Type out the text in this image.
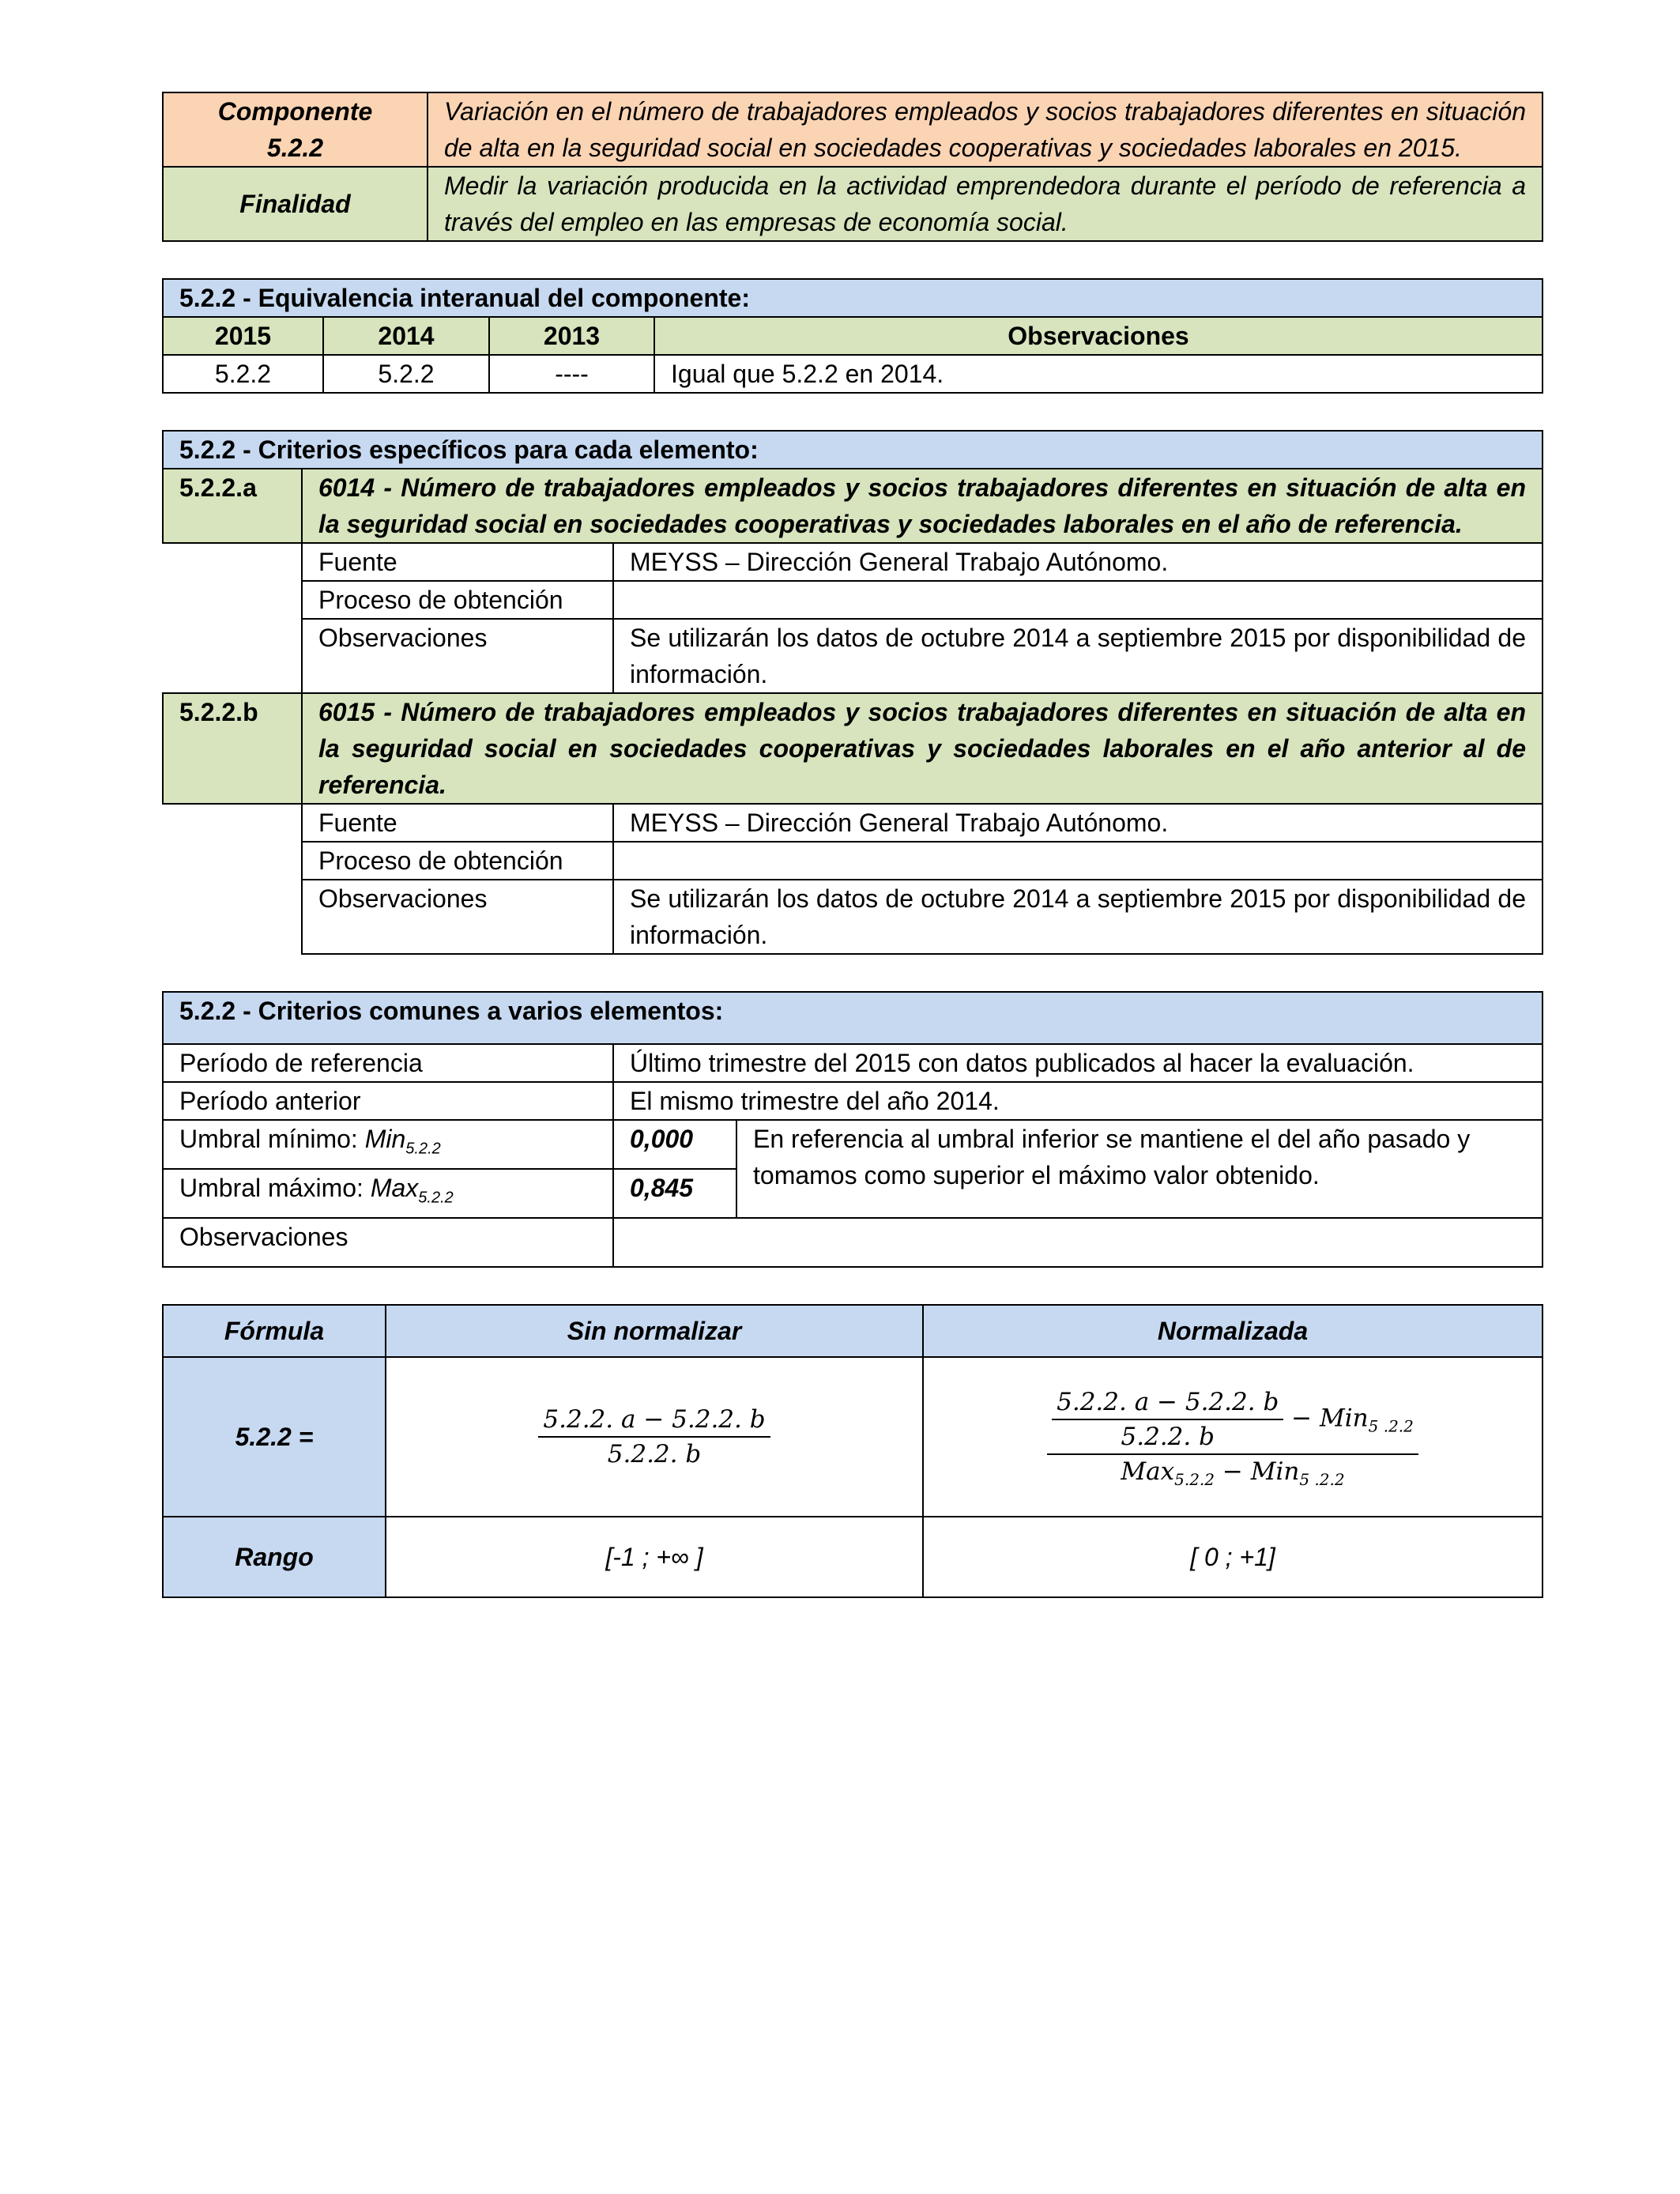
Componente
5.2.2	Variación en el número de trabajadores empleados y socios trabajadores diferentes en situación de alta en la seguridad social en sociedades cooperativas y sociedades laborales en 2015.
Finalidad	Medir la variación producida en la actividad emprendedora durante el período de referencia a través del empleo en las empresas de economía social.
5.2.2 - Equivalencia interanual del componente:			
2015	2014	2013	Observaciones
5.2.2	5.2.2	----	Igual que 5.2.2 en 2014.
5.2.2 - Criterios específicos para cada elemento:		
5.2.2.a	6014 - Número de trabajadores empleados y socios trabajadores diferentes en situación de alta en la seguridad social en sociedades cooperativas y sociedades laborales en el año de referencia.	
	Fuente	MEYSS – Dirección General Trabajo Autónomo.
	Proceso de obtención	
	Observaciones	Se utilizarán los datos de octubre 2014 a septiembre 2015 por disponibilidad de información.
5.2.2.b	6015 - Número de trabajadores empleados y socios trabajadores diferentes en situación de alta en la seguridad social en sociedades cooperativas y sociedades laborales en el año anterior al de referencia.	
	Fuente	MEYSS – Dirección General Trabajo Autónomo.
	Proceso de obtención	
	Observaciones	Se utilizarán los datos de octubre 2014 a septiembre 2015 por disponibilidad de información.
5.2.2 - Criterios comunes a varios elementos:		
Período de referencia	Último trimestre del 2015 con datos publicados al hacer la evaluación.	
Período anterior	El mismo trimestre del año 2014.	
Umbral mínimo: Min$_{5.2.2}$	0,000	En referencia al umbral inferior se mantiene el del año pasado y tomamos como superior el máximo valor obtenido.
Umbral máximo: Max$_{5.2.2}$	0,845	
Observaciones		
Fórmula	Sin normalizar	Normalizada
5.2.2 =	$\frac{5.2.2. a - 5.2.2. b}{5.2.2. b}$	$\frac{5.2.2. a - 5.2.2. b}{5.2.2. b} - Min_{5 .2.2}$
Max$_{5.2.2}$ − Min$_{5 .2.2}$

Rango	[-1 ; +∞ ]	[ 0 ; +1]
